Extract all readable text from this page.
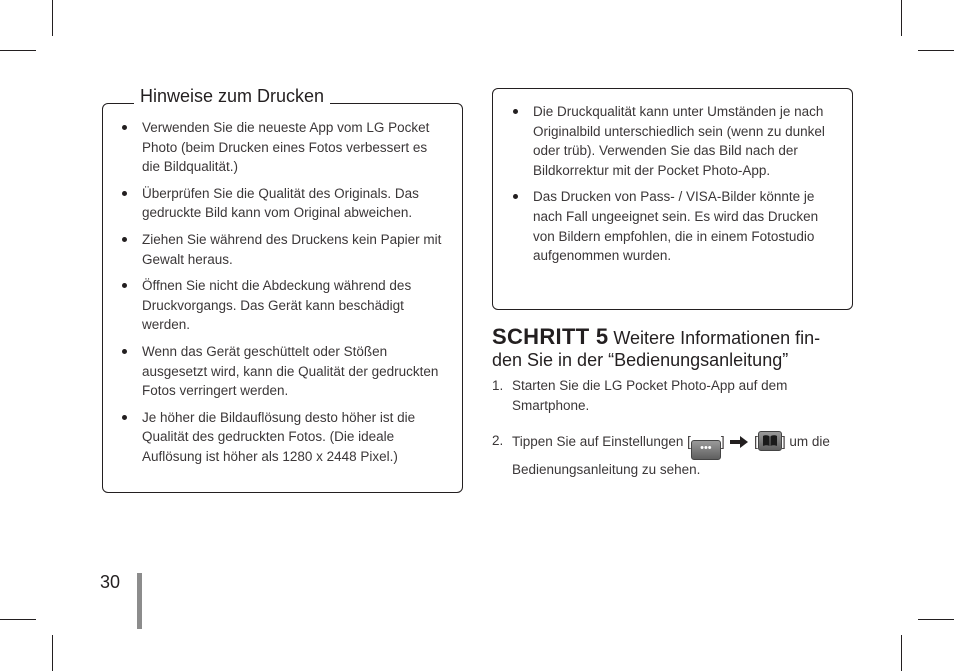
Hinweise zum Drucken
Verwenden Sie die neueste App vom LG Pocket Photo (beim Drucken eines Fotos verbessert es die Bildqualität.)
Überprüfen Sie die Qualität des Originals. Das gedruckte Bild kann vom Original abweichen.
Ziehen Sie während des Druckens kein Papier mit Gewalt heraus.
Öffnen Sie nicht die Abdeckung während des Druckvorgangs. Das Gerät kann beschädigt werden.
Wenn das Gerät geschüttelt oder Stößen ausgesetzt wird, kann die Qualität der gedruckten Fotos verringert werden.
Je höher die Bildauflösung desto höher ist die Qualität des gedruckten Fotos. (Die ideale Auflösung ist höher als 1280 x 2448 Pixel.)
Die Druckqualität kann unter Umständen je nach Originalbild unterschiedlich sein (wenn zu dunkel oder trüb). Verwenden Sie das Bild nach der Bildkorrektur mit der Pocket Photo-App.
Das Drucken von Pass- / VISA-Bilder könnte je nach Fall ungeeignet sein. Es wird das Drucken von Bildern empfohlen, die in einem Fotostudio aufgenommen wurden.
SCHRITT 5 Weitere Informationen fin-den Sie in der “Bedienungsanleitung”
1. Starten Sie die LG Pocket Photo-App auf dem Smartphone.
2. Tippen Sie auf Einstellungen [ ••• ]  [ ] um die Bedienungsanleitung zu sehen.
30
